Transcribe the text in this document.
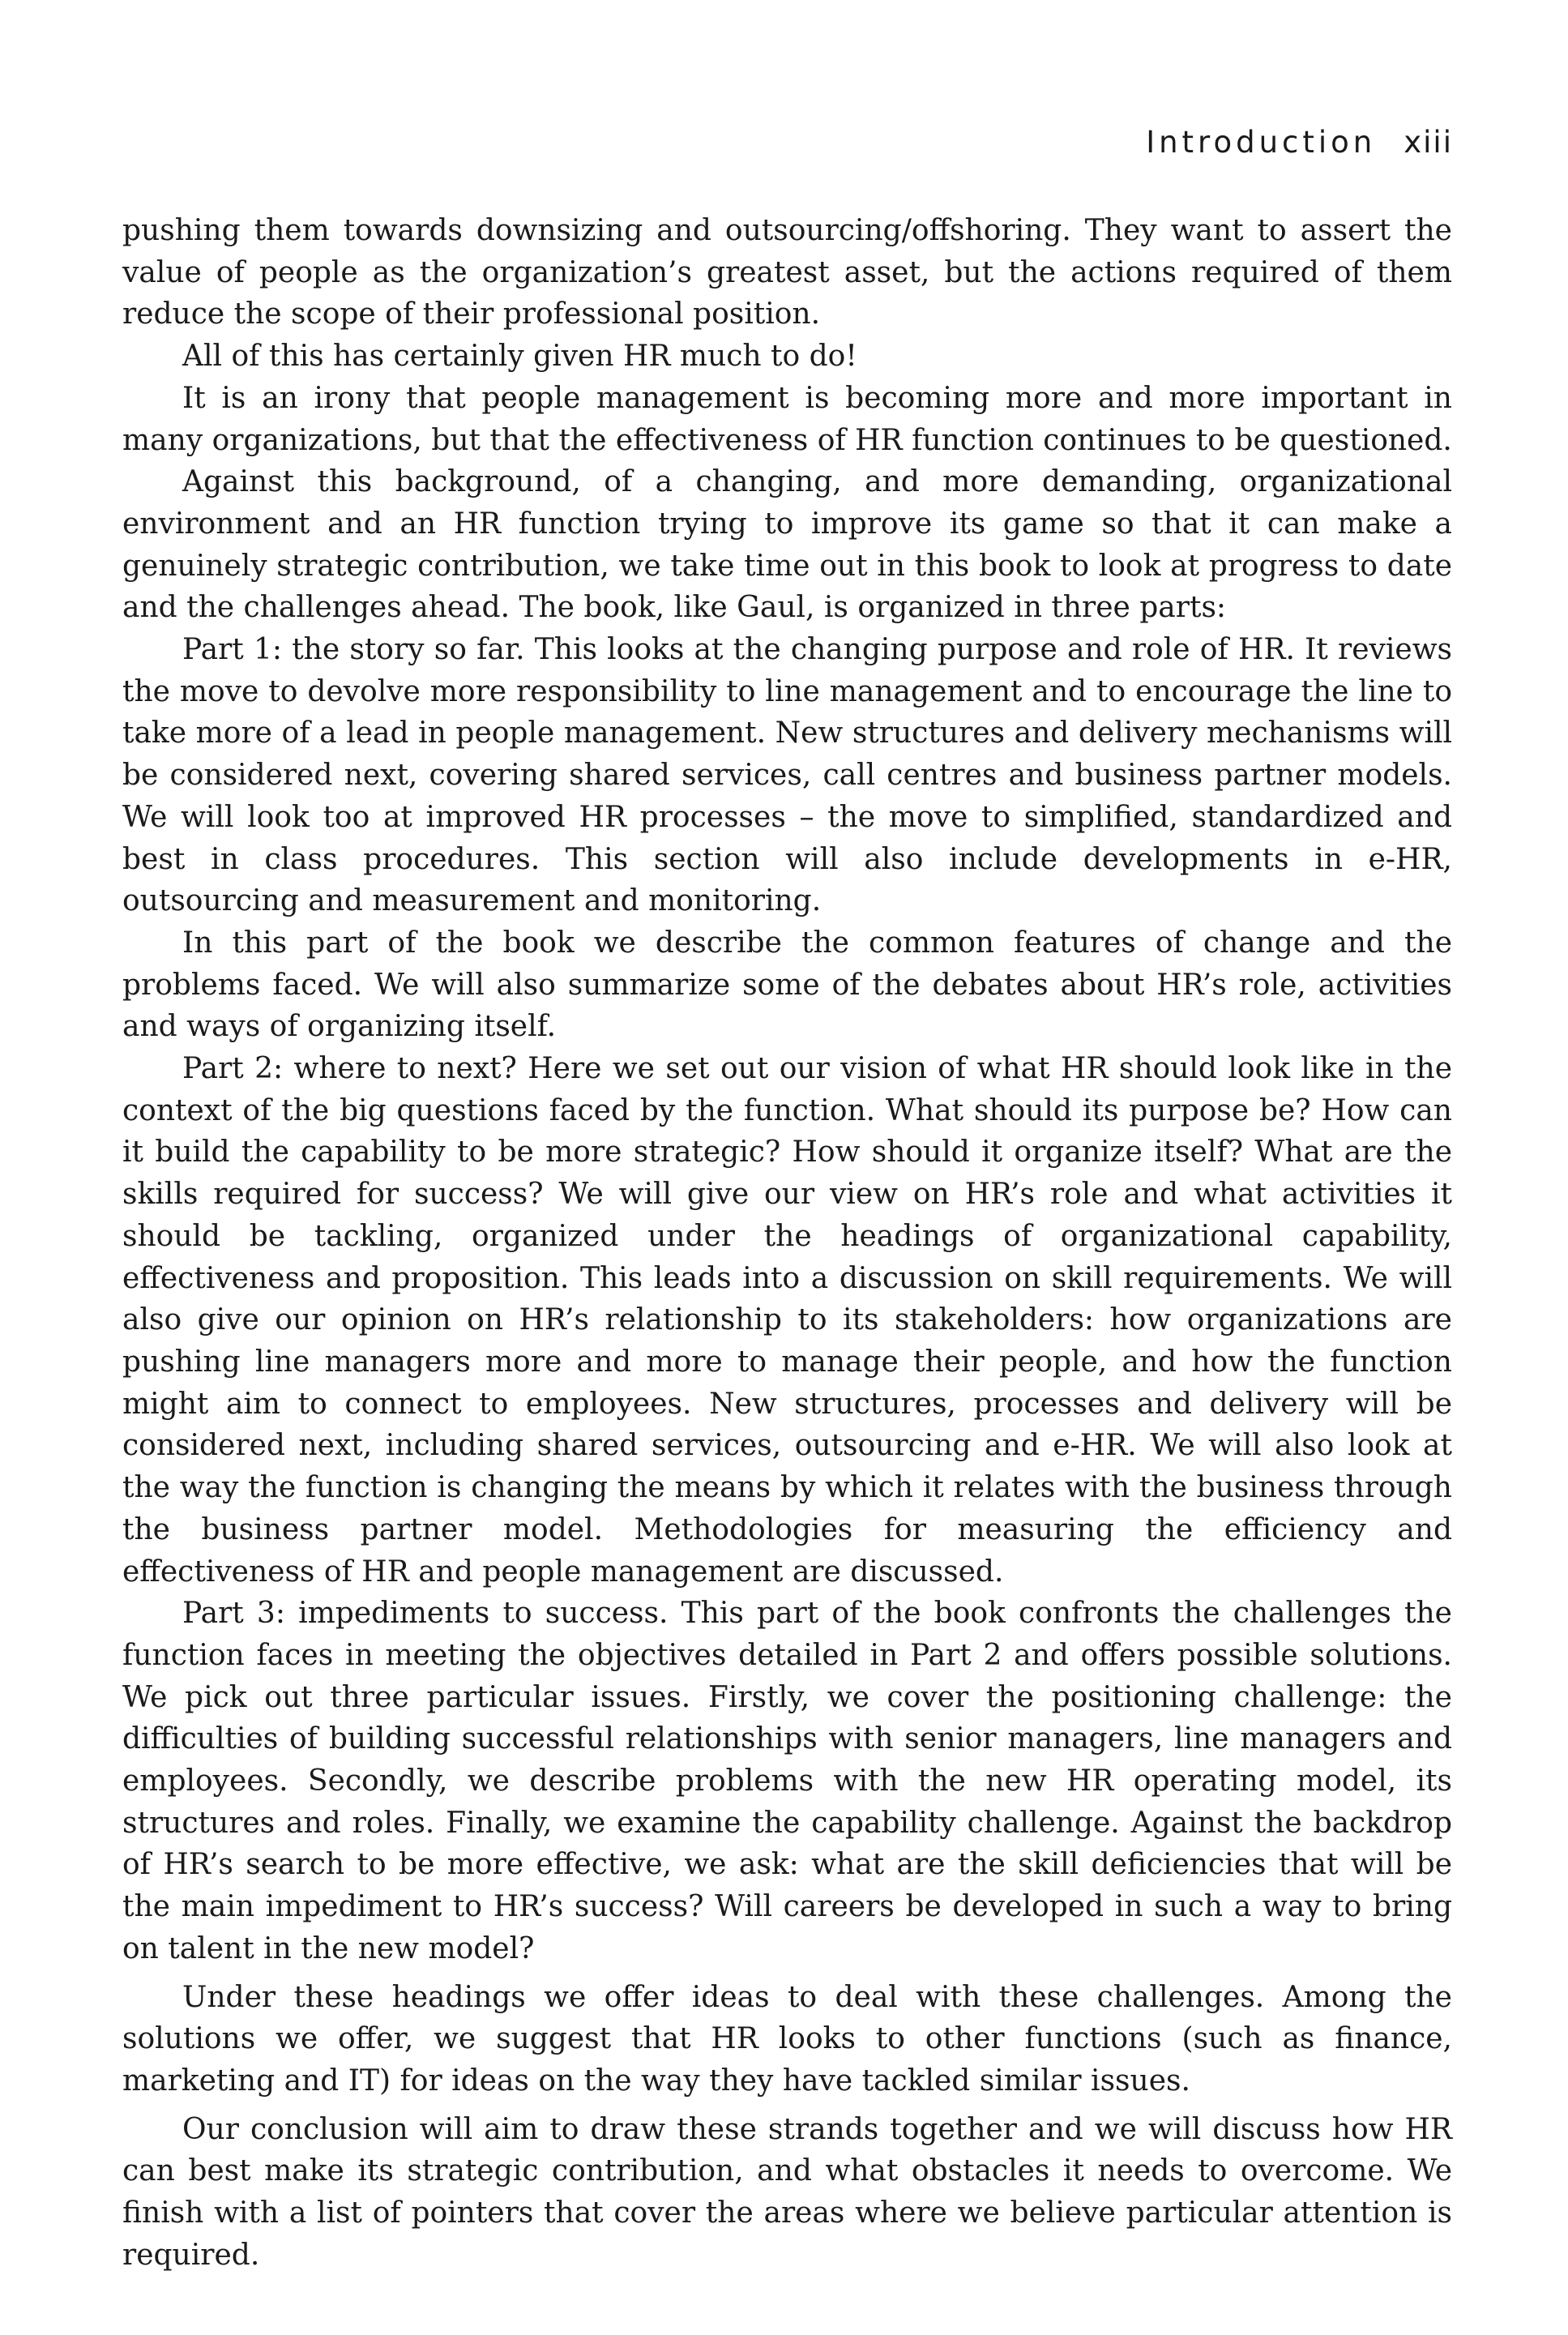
Introduction xiii

pushing them towards downsizing and outsourcing/offshoring. They want to assert the value of people as the organization’s greatest asset, but the actions required of them reduce the scope of their professional position.

All of this has certainly given HR much to do!

It is an irony that people management is becoming more and more important in many organizations, but that the effectiveness of HR function continues to be questioned.

Against this background, of a changing, and more demanding, organizational environment and an HR function trying to improve its game so that it can make a genuinely strategic contribution, we take time out in this book to look at progress to date and the challenges ahead. The book, like Gaul, is organized in three parts:

Part 1: the story so far. This looks at the changing purpose and role of HR. It reviews the move to devolve more responsibility to line management and to encourage the line to take more of a lead in people management. New structures and delivery mechanisms will be considered next, covering shared services, call centres and business partner models. We will look too at improved HR processes – the move to simplified, standardized and best in class procedures. This section will also include developments in e-HR, outsourcing and measurement and monitoring.

In this part of the book we describe the common features of change and the problems faced. We will also summarize some of the debates about HR’s role, activities and ways of organizing itself.

Part 2: where to next? Here we set out our vision of what HR should look like in the context of the big questions faced by the function. What should its purpose be? How can it build the capability to be more strategic? How should it organize itself? What are the skills required for success? We will give our view on HR’s role and what activities it should be tackling, organized under the headings of organizational capability, effectiveness and proposition. This leads into a discussion on skill requirements. We will also give our opinion on HR’s relationship to its stakeholders: how organizations are pushing line managers more and more to manage their people, and how the function might aim to connect to employees. New structures, processes and delivery will be considered next, including shared services, outsourcing and e-HR. We will also look at the way the function is changing the means by which it relates with the business through the business partner model. Methodologies for measuring the efficiency and effectiveness of HR and people management are discussed.

Part 3: impediments to success. This part of the book confronts the challenges the function faces in meeting the objectives detailed in Part 2 and offers possible solutions. We pick out three particular issues. Firstly, we cover the positioning challenge: the difficulties of building successful relationships with senior managers, line managers and employees. Secondly, we describe problems with the new HR operating model, its structures and roles. Finally, we examine the capability challenge. Against the backdrop of HR’s search to be more effective, we ask: what are the skill deficiencies that will be the main impediment to HR’s success? Will careers be developed in such a way to bring on talent in the new model?

Under these headings we offer ideas to deal with these challenges. Among the solutions we offer, we suggest that HR looks to other functions (such as finance, marketing and IT) for ideas on the way they have tackled similar issues.

Our conclusion will aim to draw these strands together and we will discuss how HR can best make its strategic contribution, and what obstacles it needs to overcome. We finish with a list of pointers that cover the areas where we believe particular attention is required.
